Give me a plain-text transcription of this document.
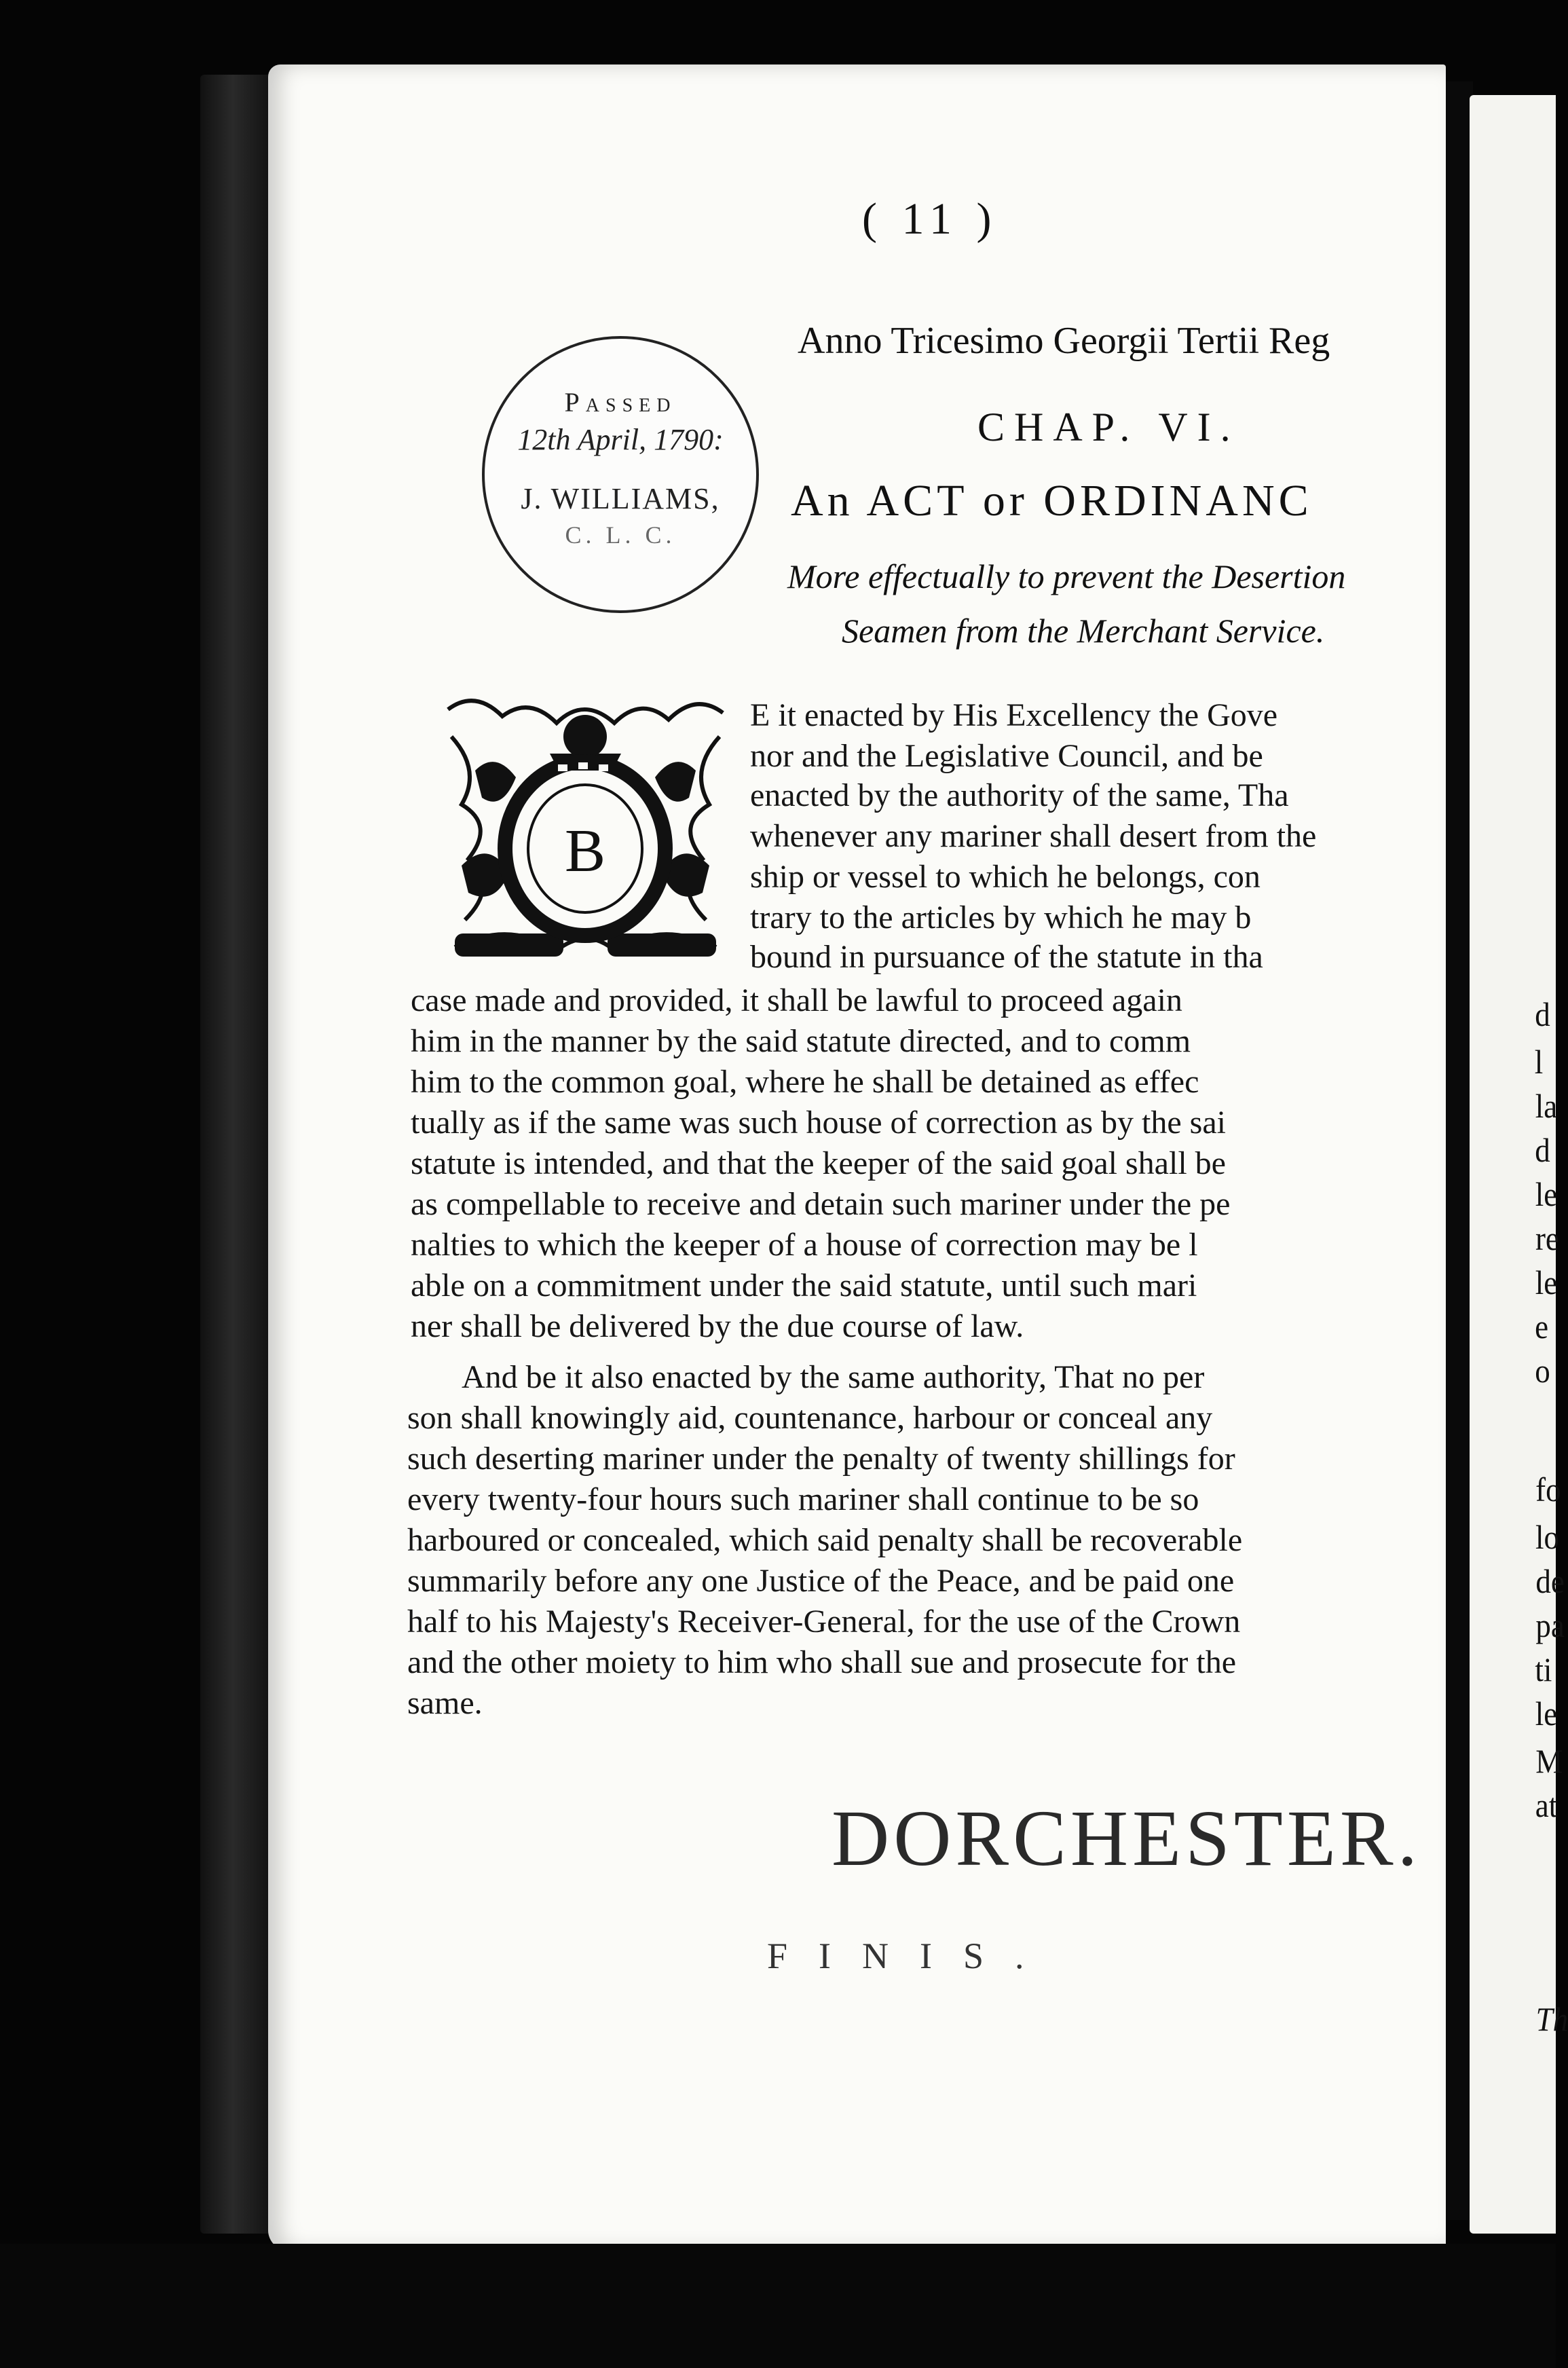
d
l
la
d
le
re
le
e
o
fo
lo
de
pa
ti
le
M
at
Th
( 11 )
Passed
12th April, 1790:
J. WILLIAMS,
C. L. C.
Anno Tricesimo Georgii Tertii Reg
CHAP. VI.
An ACT or ORDINANC
More effectually to prevent the Desertion
Seamen from the Merchant Service.
B
E it enacted by His Excellency the Gove
nor and the Legislative Council, and be
enacted by the authority of the same, Tha
whenever any mariner shall desert from the
ship or vessel to which he belongs, con
trary to the articles by which he may b
bound in pursuance of the statute in tha
case made and provided, it shall be lawful to proceed again
him in the manner by the said statute directed, and to comm
him to the common goal, where he shall be detained as effec
tually as if the same was such house of correction as by the sai
statute is intended, and that the keeper of the said goal shall be
as compellable to receive and detain such mariner under the pe
nalties to which the keeper of a house of correction may be l
able on a commitment under the said statute, until such mari
ner shall be delivered by the due course of law.
And be it also enacted by the same authority, That no per
son shall knowingly aid, countenance, harbour or conceal any
such deserting mariner under the penalty of twenty shillings for
every twenty-four hours such mariner shall continue to be so
harboured or concealed, which said penalty shall be recoverable
summarily before any one Justice of the Peace, and be paid one
half to his Majesty's Receiver-General, for the use of the Crown
and the other moiety to him who shall sue and prosecute for the
same.
DORCHESTER.
FINIS.
